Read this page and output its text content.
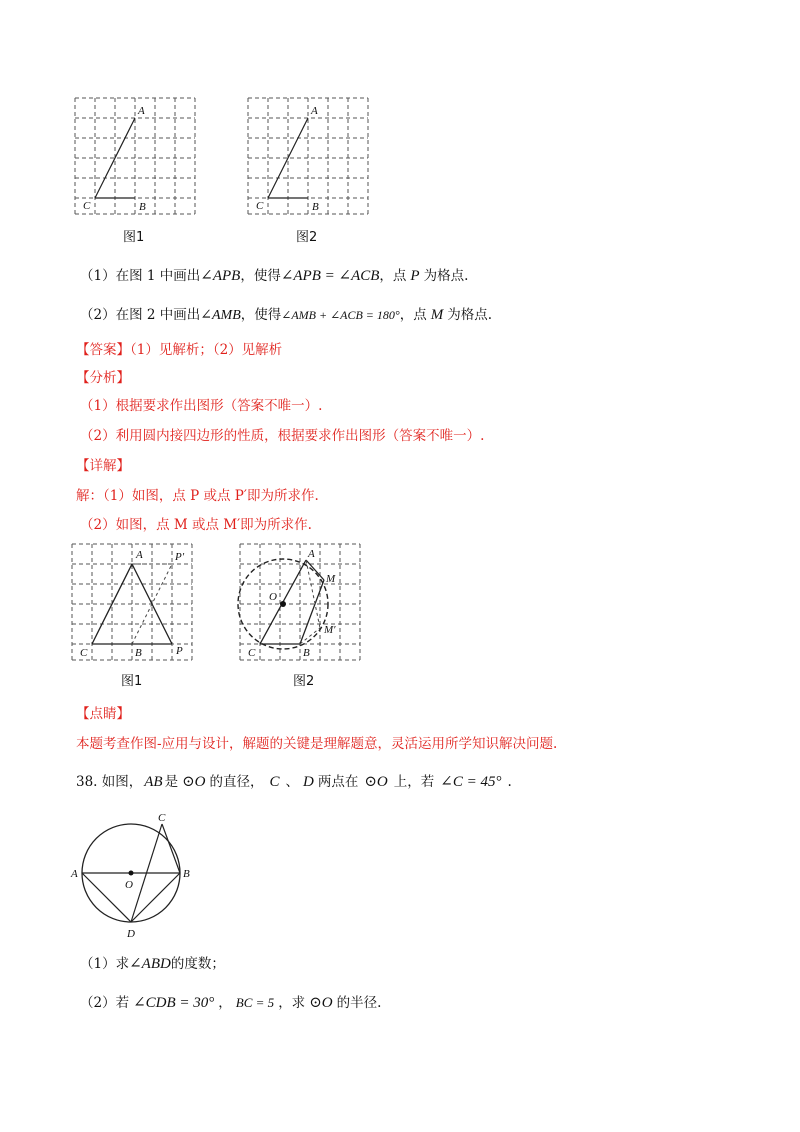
A
C	B
图1
A
C	B
图2
（1）在图 1 中画出∠APB，使得∠APB = ∠ACB，点 P 为格点.
（2）在图 2 中画出∠AMB，使得∠AMB + ∠ACB = 180°，点 M 为格点.
【答案】（1）见解析；（2）见解析
【分析】
（1）根据要求作出图形（答案不唯一）.
（2）利用圆内接四边形的性质，根据要求作出图形（答案不唯一）.
【详解】
解：（1）如图，点 P 或点 P′即为所求作.
（2）如图，点 M 或点 M′即为所求作.
A	P′
C	B	P
图1
A
M
M′
O
C	B
图2
【点睛】
本题考查作图-应用与设计，解题的关键是理解题意，灵活运用所学知识解决问题.
38. 如图， AB 是 ⊙O 的直径， C 、 D 两点在 ⊙O 上，若 ∠C = 45° .
C
A	B
O
D
（1）求∠ABD的度数；
（2）若 ∠CDB = 30° ， BC = 5 ，求 ⊙O 的半径.
